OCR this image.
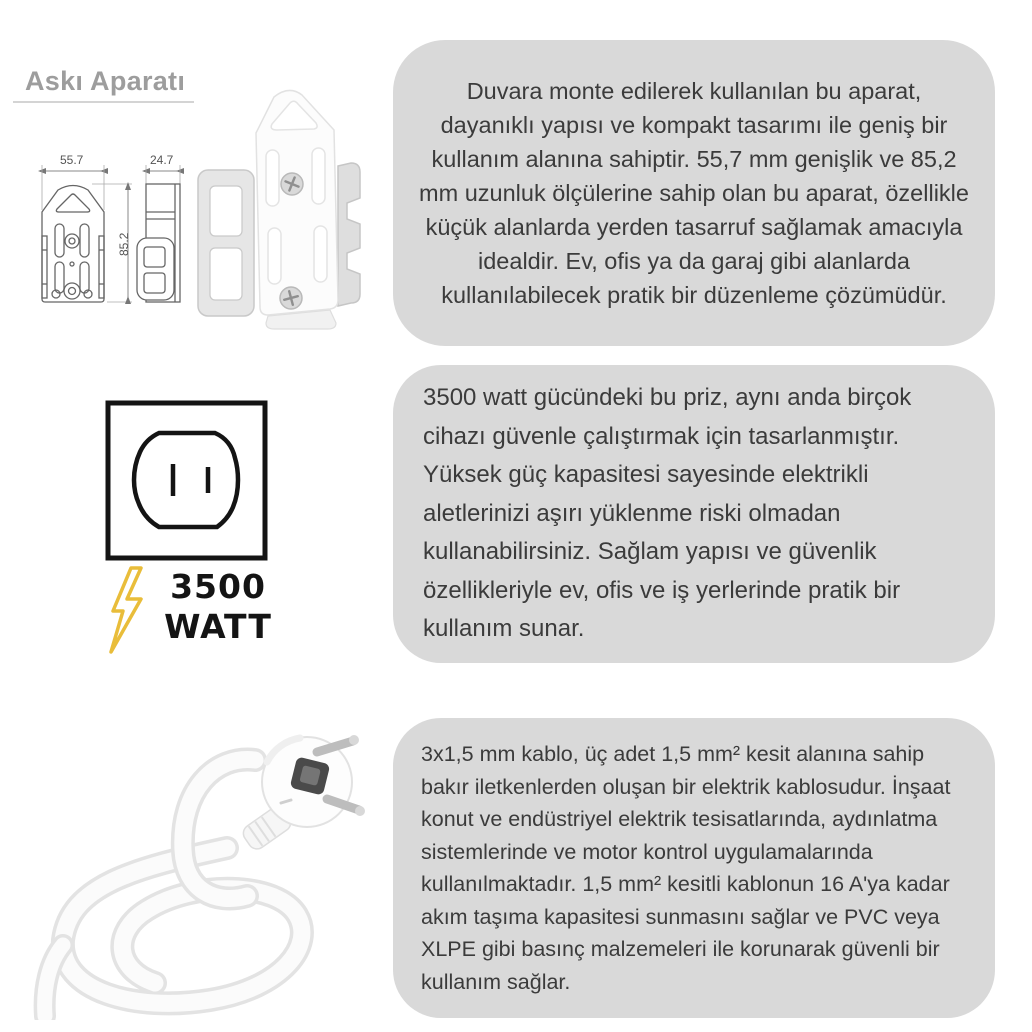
Askı Aparatı
55.7
85.2
24.7

Duvara monte edilerek kullanılan bu aparat, dayanıklı yapısı ve kompakt tasarımı ile geniş bir kullanım alanına sahiptir. 55,7 mm genişlik ve 85,2 mm uzunluk ölçülerine sahip olan bu aparat, özellikle küçük alanlarda yerden tasarruf sağlamak amacıyla idealdir. Ev, ofis ya da garaj gibi alanlarda kullanılabilecek pratik bir düzenleme çözümüdür.

3500
WATT

3500 watt gücündeki bu priz, aynı anda birçok cihazı güvenle çalıştırmak için tasarlanmıştır. Yüksek güç kapasitesi sayesinde elektrikli aletlerinizi aşırı yüklenme riski olmadan kullanabilirsiniz. Sağlam yapısı ve güvenlik özellikleriyle ev, ofis ve iş yerlerinde pratik bir kullanım sunar.

3x1,5 mm kablo, üç adet 1,5 mm² kesit alanına sahip bakır iletkenlerden oluşan bir elektrik kablosudur. İnşaat konut ve endüstriyel elektrik tesisatlarında, aydınlatma sistemlerinde ve motor kontrol uygulamalarında kullanılmaktadır. 1,5 mm² kesitli kablonun 16 A'ya kadar akım taşıma kapasitesi sunmasını sağlar ve PVC veya XLPE gibi basınç malzemeleri ile korunarak güvenli bir kullanım sağlar.
